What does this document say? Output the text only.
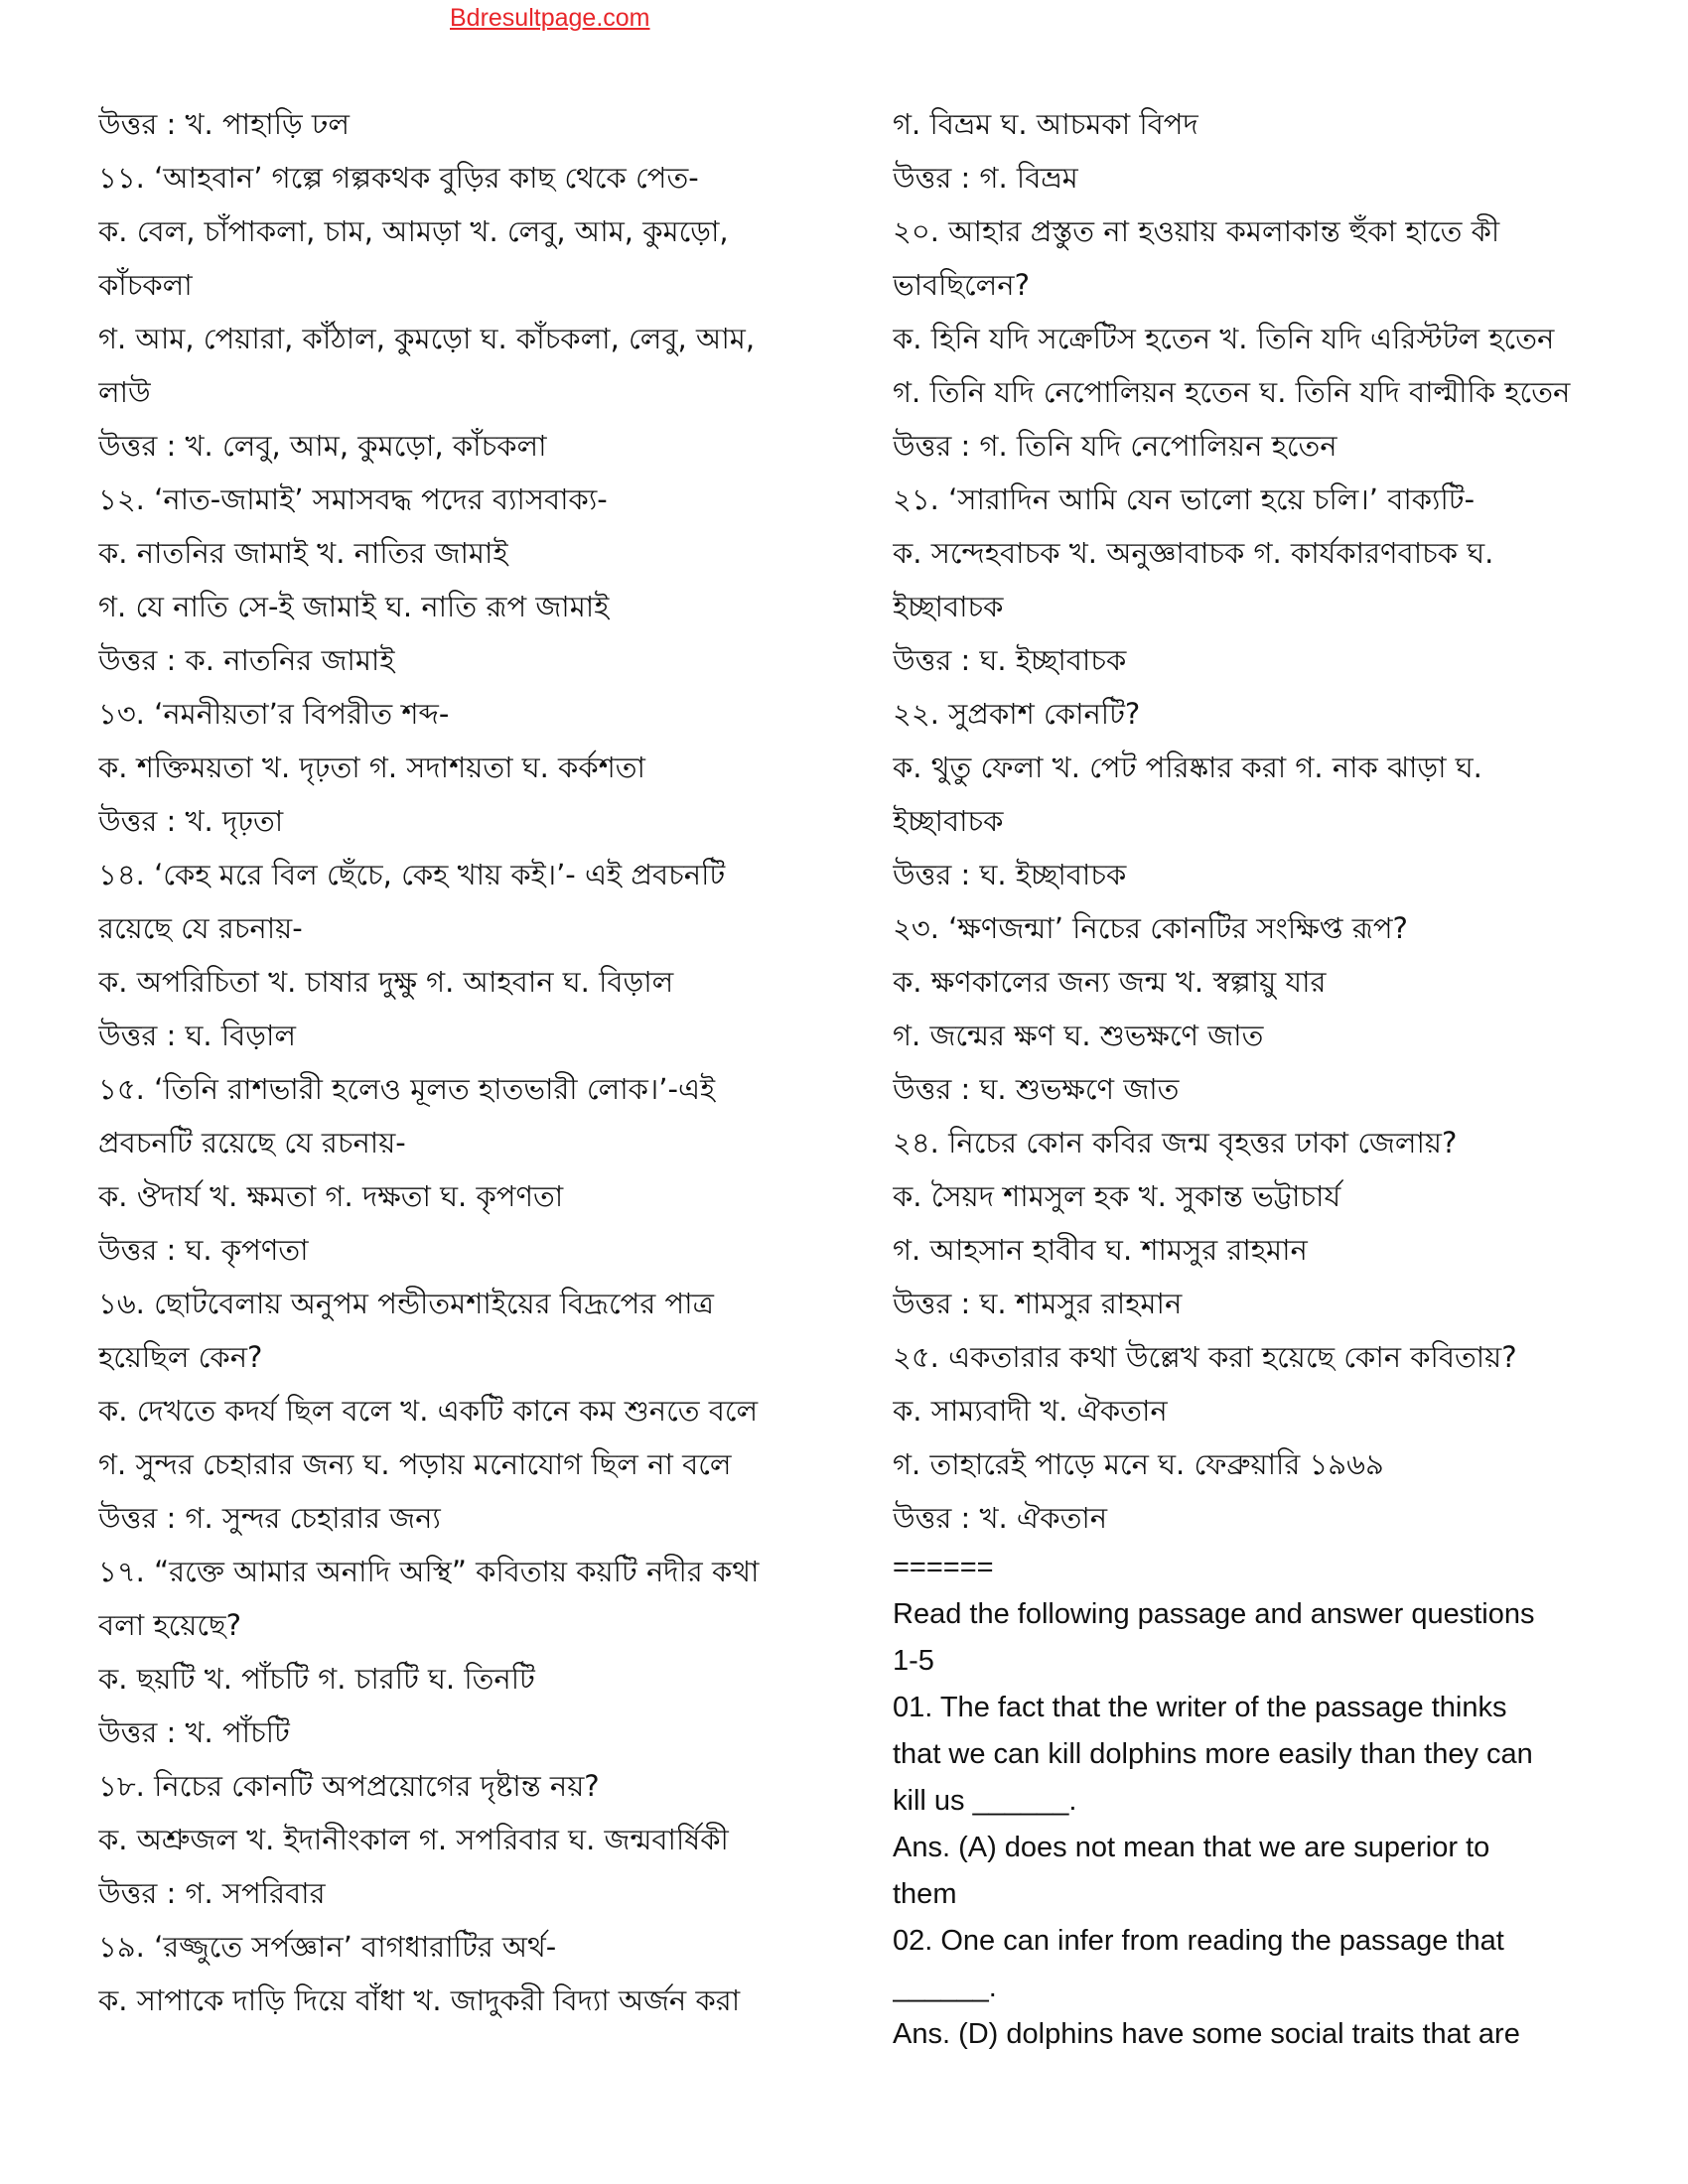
Bdresultpage.com
উত্তর : খ. পাহাড়ি ঢল
১১. ‘আহবান’ গল্পে গল্পকথক বুড়ির কাছ থেকে পেত-
ক. বেল, চাঁপাকলা, চাম, আমড়া খ. লেবু, আম, কুমড়ো,
কাঁচকলা
গ. আম, পেয়ারা, কাঁঠাল, কুমড়ো ঘ. কাঁচকলা, লেবু, আম,
লাউ
উত্তর : খ. লেবু, আম, কুমড়ো, কাঁচকলা
১২. ‘নাত-জামাই’ সমাসবদ্ধ পদের ব্যাসবাক্য-
ক. নাতনির জামাই খ. নাতির জামাই
গ. যে নাতি সে-ই জামাই ঘ. নাতি রূপ জামাই
উত্তর : ক. নাতনির জামাই
১৩. ‘নমনীয়তা’র বিপরীত শব্দ-
ক. শক্তিময়তা খ. দৃঢ়তা গ. সদাশয়তা ঘ. কর্কশতা
উত্তর : খ. দৃঢ়তা
১৪. ‘কেহ মরে বিল ছেঁচে, কেহ খায় কই।’- এই প্রবচনটি
রয়েছে যে রচনায়-
ক. অপরিচিতা খ. চাষার দুক্ষু গ. আহবান ঘ. বিড়াল
উত্তর : ঘ. বিড়াল
১৫. ‘তিনি রাশভারী হলেও মূলত হাতভারী লোক।’-এই
প্রবচনটি রয়েছে যে রচনায়-
ক. ঔদার্য খ. ক্ষমতা গ. দক্ষতা ঘ. কৃপণতা
উত্তর : ঘ. কৃপণতা
১৬. ছোটবেলায় অনুপম পন্ডীতমশাইয়ের বিদ্রূপের পাত্র
হয়েছিল কেন?
ক. দেখতে কদর্য ছিল বলে খ. একটি কানে কম শুনতে বলে
গ. সুন্দর চেহারার জন্য ঘ. পড়ায় মনোযোগ ছিল না বলে
উত্তর : গ. সুন্দর চেহারার জন্য
১৭. “রক্তে আমার অনাদি অস্থি” কবিতায় কয়টি নদীর কথা
বলা হয়েছে?
ক. ছয়টি খ. পাঁচটি গ. চারটি ঘ. তিনটি
উত্তর : খ. পাঁচটি
১৮. নিচের কোনটি অপপ্রয়োগের দৃষ্টান্ত নয়?
ক. অশ্রুজল খ. ইদানীংকাল গ. সপরিবার ঘ. জন্মবার্ষিকী
উত্তর : গ. সপরিবার
১৯. ‘রজ্জুতে সর্পজ্ঞান’ বাগধারাটির অর্থ-
ক. সাপাকে দাড়ি দিয়ে বাঁধা খ. জাদুকরী বিদ্যা অর্জন করা
গ. বিভ্রম ঘ. আচমকা বিপদ
উত্তর : গ. বিভ্রম
২০. আহার প্রস্তুত না হওয়ায় কমলাকান্ত হুঁকা হাতে কী
ভাবছিলেন?
ক. হিনি যদি সক্রেটিস হতেন খ. তিনি যদি এরিস্টটল হতেন
গ. তিনি যদি নেপোলিয়ন হতেন ঘ. তিনি যদি বাল্মীকি হতেন
উত্তর : গ. তিনি যদি নেপোলিয়ন হতেন
২১. ‘সারাদিন আমি যেন ভালো হয়ে চলি।’ বাক্যটি-
ক. সন্দেহবাচক খ. অনুজ্ঞাবাচক গ. কার্যকারণবাচক ঘ.
ইচ্ছাবাচক
উত্তর : ঘ. ইচ্ছাবাচক
২২. সুপ্রকাশ কোনটি?
ক. থুতু ফেলা খ. পেট পরিষ্কার করা গ. নাক ঝাড়া ঘ.
ইচ্ছাবাচক
উত্তর : ঘ. ইচ্ছাবাচক
২৩. ‘ক্ষণজন্মা’ নিচের কোনটির সংক্ষিপ্ত রূপ?
ক. ক্ষণকালের জন্য জন্ম খ. স্বল্পায়ু যার
গ. জন্মের ক্ষণ ঘ. শুভক্ষণে জাত
উত্তর : ঘ. শুভক্ষণে জাত
২৪. নিচের কোন কবির জন্ম বৃহত্তর ঢাকা জেলায়?
ক. সৈয়দ শামসুল হক খ. সুকান্ত ভট্টাচার্য
গ. আহসান হাবীব ঘ. শামসুর রাহমান
উত্তর : ঘ. শামসুর রাহমান
২৫. একতারার কথা উল্লেখ করা হয়েছে কোন কবিতায়?
ক. সাম্যবাদী খ. ঐকতান
গ. তাহারেই পাড়ে মনে ঘ. ফেব্রুয়ারি ১৯৬৯
উত্তর : খ. ঐকতান
======
Read the following passage and answer questions
1-5
01. The fact that the writer of the passage thinks
that we can kill dolphins more easily than they can
kill us ______.
Ans. (A) does not mean that we are superior to
them
02. One can infer from reading the passage that
______.
Ans. (D) dolphins have some social traits that are
